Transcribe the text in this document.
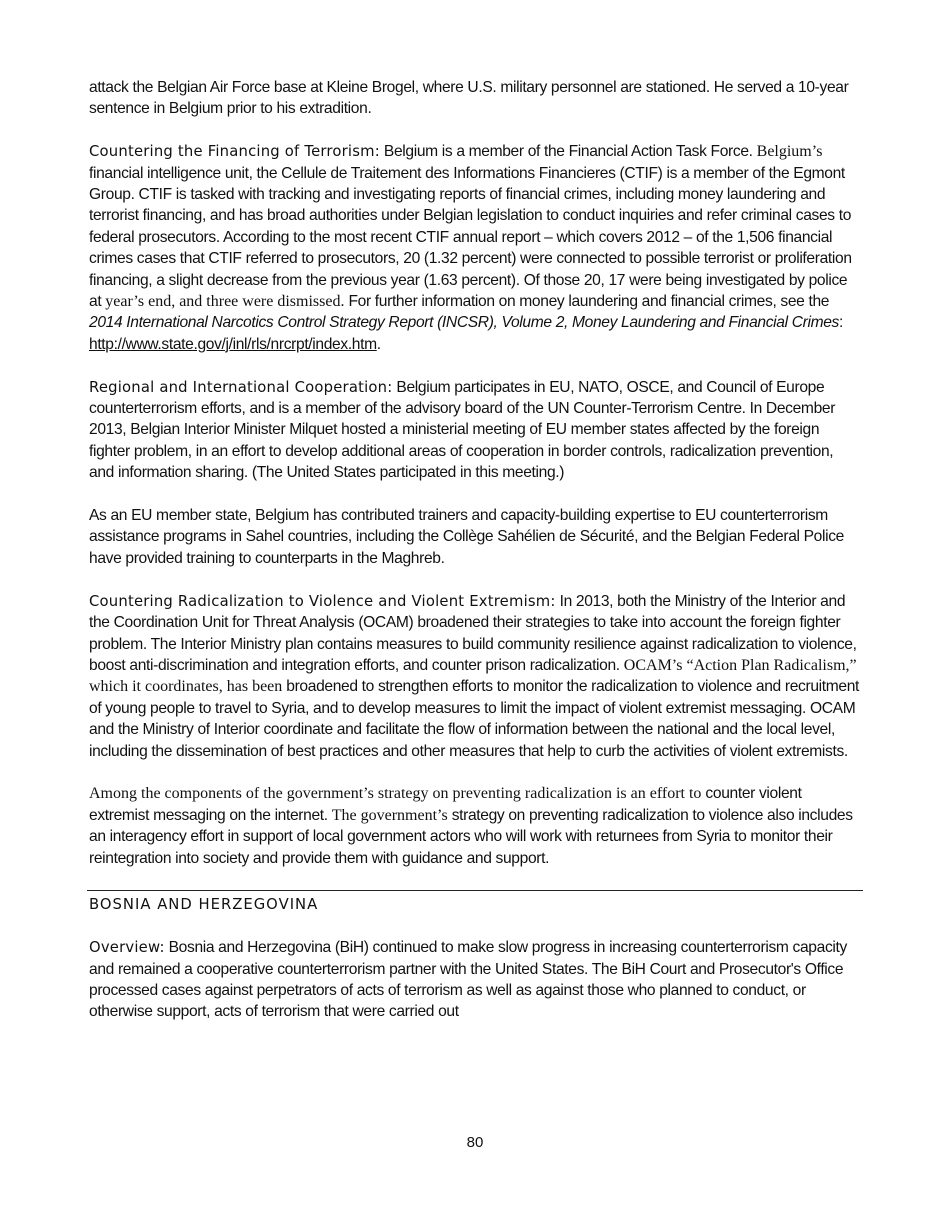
attack the Belgian Air Force base at Kleine Brogel, where U.S. military personnel are stationed. He served a 10-year sentence in Belgium prior to his extradition.

Countering the Financing of Terrorism: Belgium is a member of the Financial Action Task Force. Belgium’s financial intelligence unit, the Cellule de Traitement des Informations Financieres (CTIF) is a member of the Egmont Group. CTIF is tasked with tracking and investigating reports of financial crimes, including money laundering and terrorist financing, and has broad authorities under Belgian legislation to conduct inquiries and refer criminal cases to federal prosecutors. According to the most recent CTIF annual report – which covers 2012 – of the 1,506 financial crimes cases that CTIF referred to prosecutors, 20 (1.32 percent) were connected to possible terrorist or proliferation financing, a slight decrease from the previous year (1.63 percent). Of those 20, 17 were being investigated by police at year’s end, and three were dismissed. For further information on money laundering and financial crimes, see the 2014 International Narcotics Control Strategy Report (INCSR), Volume 2, Money Laundering and Financial Crimes: http://www.state.gov/j/inl/rls/nrcrpt/index.htm.

Regional and International Cooperation: Belgium participates in EU, NATO, OSCE, and Council of Europe counterterrorism efforts, and is a member of the advisory board of the UN Counter-Terrorism Centre. In December 2013, Belgian Interior Minister Milquet hosted a ministerial meeting of EU member states affected by the foreign fighter problem, in an effort to develop additional areas of cooperation in border controls, radicalization prevention, and information sharing. (The United States participated in this meeting.)

As an EU member state, Belgium has contributed trainers and capacity-building expertise to EU counterterrorism assistance programs in Sahel countries, including the Collège Sahélien de Sécurité, and the Belgian Federal Police have provided training to counterparts in the Maghreb.

Countering Radicalization to Violence and Violent Extremism: In 2013, both the Ministry of the Interior and the Coordination Unit for Threat Analysis (OCAM) broadened their strategies to take into account the foreign fighter problem. The Interior Ministry plan contains measures to build community resilience against radicalization to violence, boost anti-discrimination and integration efforts, and counter prison radicalization. OCAM’s “Action Plan Radicalism,” which it coordinates, has been broadened to strengthen efforts to monitor the radicalization to violence and recruitment of young people to travel to Syria, and to develop measures to limit the impact of violent extremist messaging. OCAM and the Ministry of Interior coordinate and facilitate the flow of information between the national and the local level, including the dissemination of best practices and other measures that help to curb the activities of violent extremists.

Among the components of the government’s strategy on preventing radicalization is an effort to counter violent extremist messaging on the internet. The government’s strategy on preventing radicalization to violence also includes an interagency effort in support of local government actors who will work with returnees from Syria to monitor their reintegration into society and provide them with guidance and support.

BOSNIA AND HERZEGOVINA

Overview: Bosnia and Herzegovina (BiH) continued to make slow progress in increasing counterterrorism capacity and remained a cooperative counterterrorism partner with the United States. The BiH Court and Prosecutor's Office processed cases against perpetrators of acts of terrorism as well as against those who planned to conduct, or otherwise support, acts of terrorism that were carried out

80
